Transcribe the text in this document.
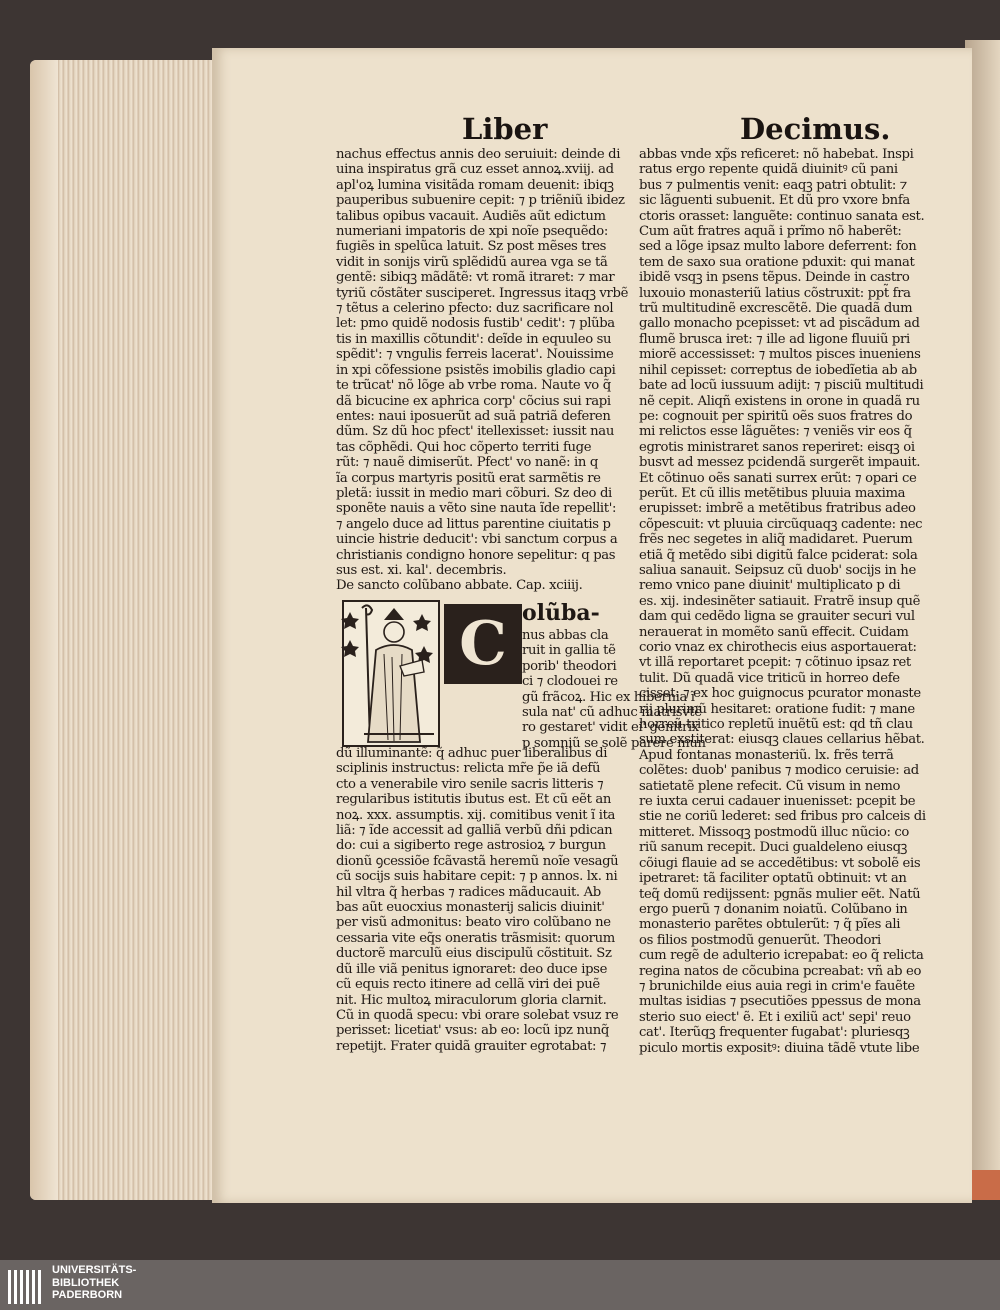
Liber	Decimus.
nachus effectus annis deo seruiuit: deinde di
uina inspiratus grã cuz esset annoꝝ.xviij. ad
apl'oꝝ lumina visitãda romam deuenit: ibiqꝫ
pauperibus subuenire cepit: ⁊ p triẽniũ ibidez
talibus opibus vacauit. Audiẽs aũt edictum
numeriani impatoris de xpi noĩe psequẽdo:
fugiẽs in spelũca latuit. Sz post mẽses tres
vidit in sonijs virũ splẽdidũ aurea vga se tã
gentẽ: sibiqꝫ mãdãtẽ: vt romã itraret: ⁊ mar
tyriũ cõstãter susciperet. Ingressus itaqꝫ vrbẽ
⁊ tẽtus a celerino pfecto: duz sacrificare nol
let: pmo quidẽ nodosis fustib' cedit': ⁊ plũba
tis in maxillis cõtundit': deĩde in equuleo su
spẽdit': ⁊ vngulis ferreis lacerat'. Nouissime
in xpi cõfessione psistẽs imobilis gladio capi
te trũcat' nõ lõge ab vrbe roma. Naute vo q̃
dã bicucine ex aphrica corp' cõcius sui rapi
entes: naui iposuerũt ad suã patriã deferen
dũm. Sz dũ hoc pfect' itellexisset: iussit nau
tas cõphẽdi. Qui hoc cõperto territi fuge
rũt: ⁊ nauẽ dimiserũt. Pfect' vo nanẽ: in q
ĩa corpus martyris positũ erat sarmẽtis re
pletã: iussit in medio mari cõburi. Sz deo di
sponẽte nauis a vẽto sine nauta ĩde repellit':
⁊ angelo duce ad littus parentine ciuitatis p
uincie histrie deducit': vbi sanctum corpus a
christianis condigno honore sepelitur: q pas
sus est. xi. kal'. decembris.
De sancto colũbano abbate. Cap. xciiij.
C olũba-
nus abbas cla
ruit in gallia tẽ
porib' theodori
ci ⁊ clodouei re
gũ frãcoꝝ. Hic ex hibernia ĩ
sula nat' cũ adhuc matrisvtẽ
ro gestaret' vidit ei' genitrix
p somniũ se solẽ parere mun
dũ illuminantẽ: q̃ adhuc puer liberalibus di
sciplinis instructus: relicta mr̃e p̃e iã defũ
cto a venerabile viro senile sacris litteris ⁊
regularibus istitutis ibutus est. Et cũ eẽt an
noꝝ. xxx. assumptis. xij. comitibus venit ĩ ita
liã: ⁊ ĩde accessit ad galliã verbũ dñi pdican
do: cui a sigiberto rege astrosioꝝ ⁊ burgun
dionũ ꝯcessiõe fcãvastã heremũ noĩe vesagũ
cũ socijs suis habitare cepit: ⁊ p annos. lx. ni
hil vltra q̃ herbas ⁊ radices mãducauit. Ab
bas aũt euocxius monasterij salicis diuinit'
per visũ admonitus: beato viro colũbano ne
cessaria vite eq̃s oneratis trãsmisit: quorum
ductorẽ marculũ eius discipulũ cõstituit. Sz
dũ ille viã penitus ignoraret: deo duce ipse
cũ equis recto itinere ad cellã viri dei puẽ
nit. Hic multoꝝ miraculorum gloria clarnit.
Cũ in quodã specu: vbi orare solebat vsuz re
perisset: licetiat' vsus: ab eo: locũ ipz nunq̃
repetijt. Frater quidã grauiter egrotabat: ⁊
abbas vnde xp̃s reficeret: nõ habebat. Inspi
ratus ergo repente quidã diuinitꝰ cũ pani
bus ⁊ pulmentis venit: eaqꝫ patri obtulit: ⁊
sic lãguenti subuenit. Et dũ pro vxore bnfa
ctoris orasset: languẽte: continuo sanata est.
Cum aũt fratres aquã i prĩmo nõ haberẽt:
sed a lõge ipsaz multo labore deferrent: fon
tem de saxo sua oratione pduxit: qui manat
ibidẽ vsqꝫ in psens tẽpus. Deinde in castro
luxouio monasteriũ latius cõstruxit: ppt̃ fra
trũ multitudinẽ excrescẽtẽ. Die quadã dum
gallo monacho pcepisset: vt ad piscãdum ad
flumẽ brusca iret: ⁊ ille ad ligone fluuiũ pri
miorẽ accessisset: ⁊ multos pisces inueniens
nihil cepisset: correptus de iobedĩetia ab ab
bate ad locũ iussuum adijt: ⁊ pisciũ multitudi
nẽ cepit. Aliqñ existens in orone in quadã ru
pe: cognouit per spiritũ oẽs suos fratres do
mi relictos esse lãguẽtes: ⁊ veniẽs vir eos q̃
egrotis ministraret sanos reperiret: eisqꝫ oi
busvt ad messez pcidendã surgerẽt impauit.
Et cõtinuo oẽs sanati surrex erũt: ⁊ opari ce
perũt. Et cũ illis metẽtibus pluuia maxima
erupisset: imbrẽ a metẽtibus fratribus adeo
cõpescuit: vt pluuia circũquaqꝫ cadente: nec
frẽs nec segetes in aliq̃ madidaret. Puerum
etiã q̃ metẽdo sibi digitũ falce pciderat: sola
saliua sanauit. Seipsuz cũ duob' socijs in he
remo vnico pane diuinit' multiplicato p di
es. xij. indesinẽter satiauit. Fratrẽ insup quẽ
dam qui cedẽdo ligna se grauiter securi vul
nerauerat in momẽto sanũ effecit. Cuidam
corio vnaz ex chirothecis eius asportauerat:
vt illã reportaret pcepit: ⁊ cõtinuo ipsaz ret
tulit. Dũ quadã vice triticũ in horreo defe
cisset: ⁊ ex hoc guignocus pcurator monaste
rij plurimũ hesitaret: oratione fudit: ⁊ mane
horreũ tritico repletũ inuẽtũ est: qd tñ clau
sum exstiterat: eiusqꝫ claues cellarius hẽbat.
Apud fontanas monasteriũ. lx. frẽs terrã
colẽtes: duob' panibus ⁊ modico ceruisie: ad
satietatẽ plene refecit. Cũ visum in nemo
re iuxta cerui cadauer inuenisset: pcepit be
stie ne coriũ lederet: sed fribus pro calceis di
mitteret. Missoqꝫ postmodũ illuc nũcio: co
riũ sanum recepit. Duci gualdeleno eiusqꝫ
cõiugi flauie ad se accedẽtibus: vt sobolẽ eis
ipetraret: tã faciliter optatũ obtinuit: vt an
teq̃ domũ redijssent: pgnãs mulier eẽt. Natũ
ergo puerũ ⁊ donanim noiatũ. Colũbano in
monasterio parẽtes obtulerũt: ⁊ q̃ pĩes ali
os filios postmodũ genuerũt. Theodori
cum regẽ de adulterio icrepabat: eo q̃ relicta
regina natos de cõcubina pcreabat: vñ ab eo
⁊ brunichilde eius auia regi in crim'e fauẽte
multas isidias ⁊ psecutiões ppessus de mona
sterio suo eiect' ẽ. Et i exiliũ act' sepi' reuo
cat'. Iterũqꝫ frequenter fugabat': pluriesqꝫ
piculo mortis expositꝰ: diuina tãdẽ vtute libe
UNIVERSITÄTS-
BIBLIOTHEK
PADERBORN
